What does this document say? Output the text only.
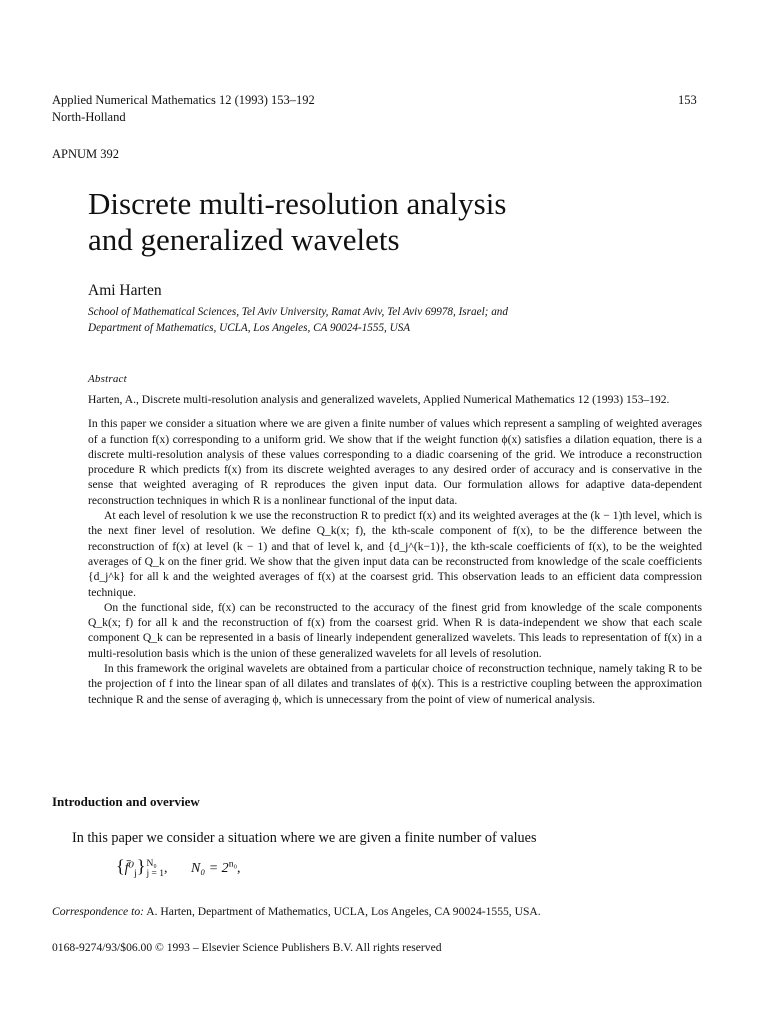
Applied Numerical Mathematics 12 (1993) 153–192
North-Holland
153
APNUM 392
Discrete multi-resolution analysis
and generalized wavelets
Ami Harten
School of Mathematical Sciences, Tel Aviv University, Ramat Aviv, Tel Aviv 69978, Israel; and
Department of Mathematics, UCLA, Los Angeles, CA 90024-1555, USA
Abstract

Harten, A., Discrete multi-resolution analysis and generalized wavelets, Applied Numerical Mathematics 12 (1993) 153–192.

In this paper we consider a situation where we are given a finite number of values which represent a sampling of weighted averages of a function f(x) corresponding to a uniform grid. We show that if the weight function ϕ(x) satisfies a dilation equation, there is a discrete multi-resolution analysis of these values corresponding to a diadic coarsening of the grid. We introduce a reconstruction procedure R which predicts f(x) from its discrete weighted averages to any desired order of accuracy and is conservative in the sense that weighted averaging of R reproduces the given input data. Our formulation allows for adaptive data-dependent reconstruction techniques in which R is a nonlinear functional of the input data.

At each level of resolution k we use the reconstruction R to predict f(x) and its weighted averages at the (k − 1)th level, which is the next finer level of resolution. We define Q_k(x; f), the kth-scale component of f(x), to be the difference between the reconstruction of f(x) at level (k − 1) and that of level k, and {d_j^(k−1)}, the kth-scale coefficients of f(x), to be the weighted averages of Q_k on the finer grid. We show that the given input data can be reconstructed from knowledge of the scale coefficients {d_j^k} for all k and the weighted averages of f(x) at the coarsest grid. This observation leads to an efficient data compression technique.

On the functional side, f(x) can be reconstructed to the accuracy of the finest grid from knowledge of the scale components Q_k(x; f) for all k and the reconstruction of f(x) from the coarsest grid. When R is data-independent we show that each scale component Q_k can be represented in a basis of linearly independent generalized wavelets. This leads to representation of f(x) in a multi-resolution basis which is the union of these generalized wavelets for all levels of resolution.

In this framework the original wavelets are obtained from a particular choice of reconstruction technique, namely taking R to be the projection of f into the linear span of all dilates and translates of ϕ(x). This is a restrictive coupling between the approximation technique R and the sense of averaging ϕ, which is unnecessary from the point of view of numerical analysis.

Introduction and overview
In this paper we consider a situation where we are given a finite number of values
$\{f̄^0_j\}$ N₀
j = 1 , $N_0 = 2^{n_0}$,
Correspondence to: A. Harten, Department of Mathematics, UCLA, Los Angeles, CA 90024-1555, USA.
0168-9274/93/$06.00 © 1993 – Elsevier Science Publishers B.V. All rights reserved
